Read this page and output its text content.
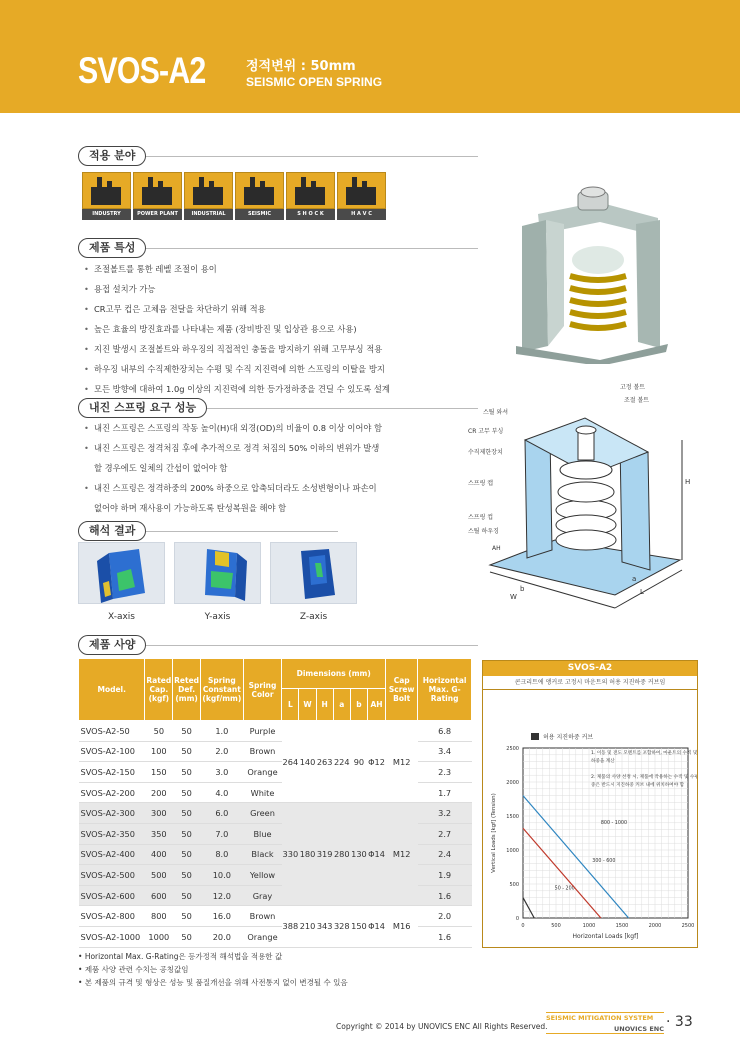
SVOS-A2	정적변위 : 50mm
SEISMIC OPEN SPRING
적용 분야
INDUSTRY	POWER PLANT	INDUSTRIAL MACHINE
SEISMIC	S H O C K	H A V C
제품 특성
• 조절볼트를 통한 레벨 조절이 용이
• 용접 설치가 가능
• CR고무 컵은 고체음 전달을 차단하기 위해 적용
• 높은 효율의 방진효과를 나타내는 제품 (장비방진 및 입상관 용으로 사용)
• 지진 발생시 조절볼트와 하우징의 직접적인 충돌을 방지하기 위해 고무부싱 적용
• 하우징 내부의 수직제한장치는 수평 및 수직 지진력에 의한 스프링의 이탈을 방지
• 모든 방향에 대하여 1.0g 이상의 지진력에 의한 등가정하중을 견딜 수 있도록 설계
내진 스프링 요구 성능
• 내진 스프링은 스프링의 작동 높이(H)대 외경(OD)의 비율이 0.8 이상 이어야 함
• 내진 스프링은 정격처짐 후에 추가적으로 정격 처짐의 50% 이하의 변위가 발생
할 경우에도 일체의 간섭이 없어야 함
• 내진 스프링은 정격하중의 200% 하중으로 압축되더라도 소성변형이나 파손이
없어야 하며 재사용이 가능하도록 탄성복원을 해야 함
해석 결과
X-axis	Y-axis	Z-axis
고정 볼트
조절 볼트
스틸 와셔
CR 고무 부싱
수직제한장치
스프링 캡
스프링 컵
스틸 하우징
AH
H
b
W
a
L
제품 사양
Model.	Rated Cap. (kgf)	Reted Def. (mm)	Spring Constant (kgf/mm)	Spring Color	Dimensions (mm)						Cap Screw Bolt	Horizontal Max. G-Rating
					L	W	H	a	b	AH		
SVOS-A2-50	50	50	1.0	Purple	264	140	263	224	90	Φ12	M12	6.8
SVOS-A2-100	100	50	2.0	Brown								3.4
SVOS-A2-150	150	50	3.0	Orange								2.3
SVOS-A2-200	200	50	4.0	White								1.7
SVOS-A2-300	300	50	6.0	Green	330	180	319	280	130	Φ14	M12	3.2
SVOS-A2-350	350	50	7.0	Blue								2.7
SVOS-A2-400	400	50	8.0	Black								2.4
SVOS-A2-500	500	50	10.0	Yellow								1.9
SVOS-A2-600	600	50	12.0	Gray								1.6
SVOS-A2-800	800	50	16.0	Brown	388	210	343	328	150	Φ14	M16	2.0
SVOS-A2-1000	1000	50	20.0	Orange								1.6
• Horizontal Max. G-Rating은 등가정적 해석법을 적용한 값
• 제품 사양 관련 수치는 공칭값임
• 본 제품의 규격 및 형상은 성능 및 품질개선을 위해 사전통지 없이 변경될 수 있음
SVOS-A2
콘크리트에 앵커로 고정시 마운트의 허용 지진하중 커브임
0	500	1000	1500	2000	2500
0
500
1000
1500
2000
2500
Horizontal Loads [kgf]
Vertical Loads [kgf] (Tension)
50 - 200
300 - 600
800 - 1000
허용 지진하중 커브
1. 이동 및 전도 모멘트를 포함하여, 마운트의 수직 및 수평
하중을 계산
2. 제품의 사양 선정 시, 제품에 작용하는 수직 및 수평 하
중은 반드시 지진하중 커브 내에 위치하여야 함
Copyright © 2014 by UNOVICS ENC All Rights Reserved.
SEISMIC MITIGATION SYSTEM
UNOVICS ENC · 33
